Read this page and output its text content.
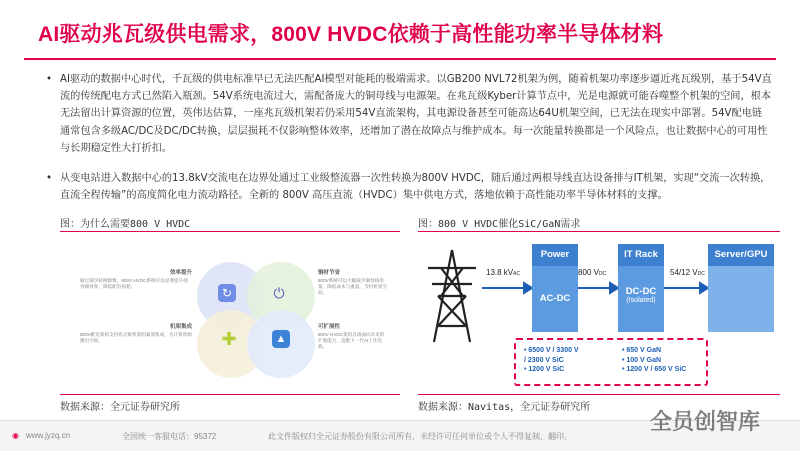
AI驱动兆瓦级供电需求，800V HVDC依赖于高性能功率半导体材料
• AI驱动的数据中心时代，千瓦级的供电标准早已无法匹配AI模型对能耗的极端需求。以GB200 NVL72机架为例，随着机架功率逐步逼近兆瓦级别，基于54V直流的传统配电方式已然陷入瓶颈。54V系统电流过大，需配备庞大的铜母线与电源架。在兆瓦级Kyber计算节点中，光是电源就可能吞噬整个机架的空间，根本无法留出计算资源的位置，英伟达估算，一座兆瓦级机架若仍采用54V直流架构，其电源设备甚至可能高达64U机架空间，已无法在现实中部署。54V配电链通常包含多级AC/DC及DC/DC转换，层层损耗不仅影响整体效率，还增加了潜在故障点与维护成本。每一次能量转换都是一个风险点，也让数据中心的可用性与长期稳定性大打折扣。
• 从变电站进入数据中心的13.8kV交流电在边界处通过工业级整流器一次性转换为800V HVDC，随后通过两根导线直达设备排与IT机架，实现“交流一次转换，直流全程传输”的高度简化电力流动路径。全新的 800V 高压直流（HVDC）集中供电方式，落地依赖于高性能功率半导体材料的支撑。
图：为什么需要800 V HVDC
↻	⏻
✚	▲
效率提升
通过减少转换级数，800V HVDC系统可以显著提升端到端效率，降低配电损耗。
铜材节省
800V系统可以大幅减少铜母线用量，降低成本与重量，节约机架空间。
机架集成
800V配电架构支持兆瓦级机架的紧凑集成，为计算资源腾出空间。
可扩展性
800V HVDC架构具备面向未来的扩展能力，适配下一代AI工作负载。
数据来源：全元证券研究所
图：800 V HVDC催化SiC/GaN需求
13.8 kVAC	800 VDC	54/12 VDC
Power
AC-DC
IT Rack
DC-DC
(Isolated)
Server/GPU
• 6500 V / 3300 V
/ 2300 V SiC
• 1200 V SiC
• 650 V GaN
• 100 V GaN
• 1200 V / 650 V SiC
数据来源：Navitas，全元证券研究所
◉ www.jyzq.cn	全国统一客服电话：95372	此文件版权归全元证券股份有限公司所有，未经许可任何单位或个人不得复制、翻印。
全员创智库
